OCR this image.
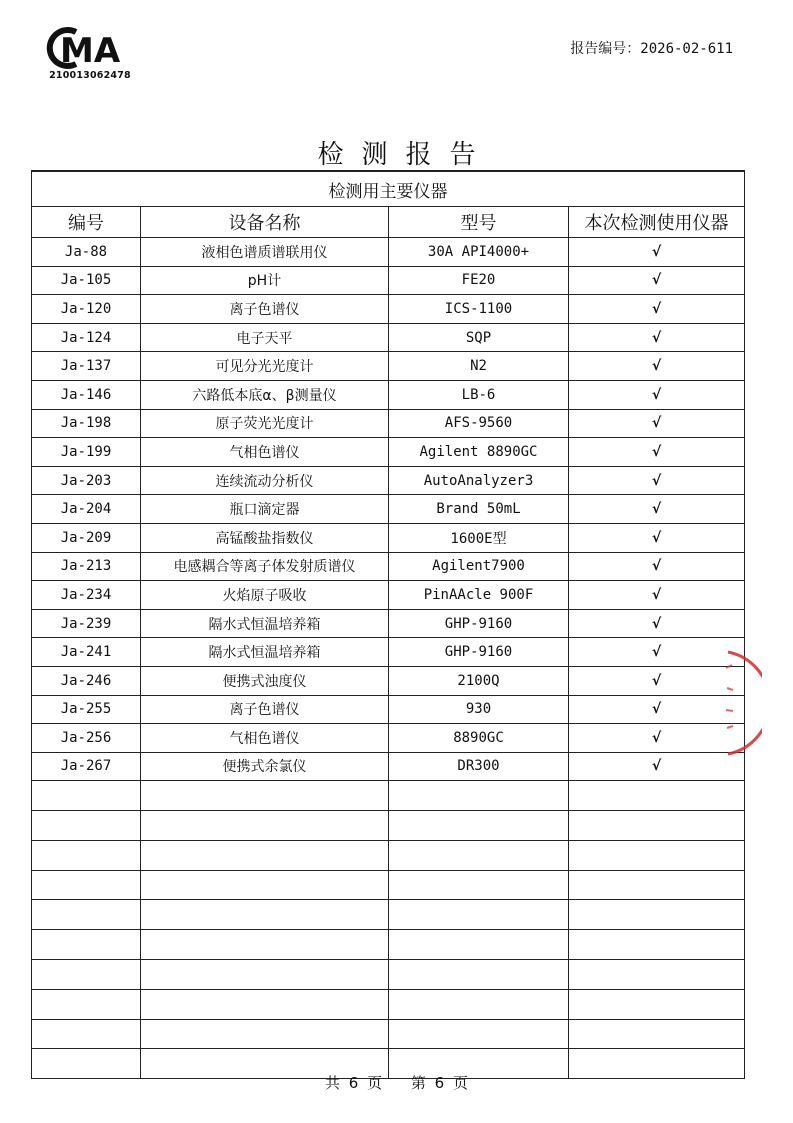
MA
210013062478
报告编号：2026-02-611
检测报告
检测用主要仪器			
编号	设备名称	型号	本次检测使用仪器
Ja-88	液相色谱质谱联用仪	30A API4000+	√
Ja-105	pH计	FE20	√
Ja-120	离子色谱仪	ICS-1100	√
Ja-124	电子天平	SQP	√
Ja-137	可见分光光度计	N2	√
Ja-146	六路低本底α、β测量仪	LB-6	√
Ja-198	原子荧光光度计	AFS-9560	√
Ja-199	气相色谱仪	Agilent 8890GC	√
Ja-203	连续流动分析仪	AutoAnalyzer3	√
Ja-204	瓶口滴定器	Brand 50mL	√
Ja-209	高锰酸盐指数仪	1600E型	√
Ja-213	电感耦合等离子体发射质谱仪	Agilent7900	√
Ja-234	火焰原子吸收	PinAAcle 900F	√
Ja-239	隔水式恒温培养箱	GHP-9160	√
Ja-241	隔水式恒温培养箱	GHP-9160	√
Ja-246	便携式浊度仪	2100Q	√
Ja-255	离子色谱仪	930	√
Ja-256	气相色谱仪	8890GC	√
Ja-267	便携式余氯仪	DR300	√

共 6 页 第 6 页
